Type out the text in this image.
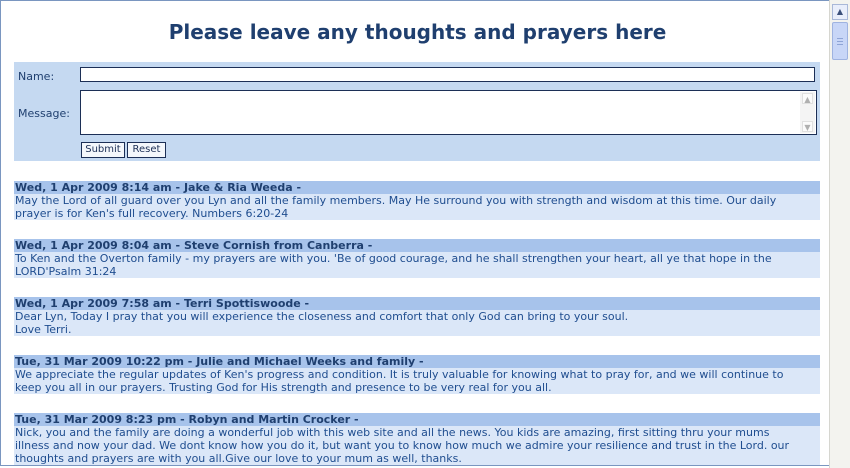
Please leave any thoughts and prayers here
Name:
Message:
▲
▼
Submit	Reset
Wed, 1 Apr 2009 8:14 am - Jake & Ria Weeda -
May the Lord of all guard over you Lyn and all the family members. May He surround you with strength and wisdom at this time. Our daily
prayer is for Ken's full recovery. Numbers 6:20-24
Wed, 1 Apr 2009 8:04 am - Steve Cornish from Canberra -
To Ken and the Overton family - my prayers are with you. 'Be of good courage, and he shall strengthen your heart, all ye that hope in the
LORD'Psalm 31:24
Wed, 1 Apr 2009 7:58 am - Terri Spottiswoode -
Dear Lyn, Today I pray that you will experience the closeness and comfort that only God can bring to your soul.
Love Terri.
Tue, 31 Mar 2009 10:22 pm - Julie and Michael Weeks and family -
We appreciate the regular updates of Ken's progress and condition. It is truly valuable for knowing what to pray for, and we will continue to
keep you all in our prayers. Trusting God for His strength and presence to be very real for you all.
Tue, 31 Mar 2009 8:23 pm - Robyn and Martin Crocker -
Nick, you and the family are doing a wonderful job with this web site and all the news. You kids are amazing, first sitting thru your mums
illness and now your dad. We dont know how you do it, but want you to know how much we admire your resilience and trust in the Lord. our
thoughts and prayers are with you all.Give our love to your mum as well, thanks.
▲
